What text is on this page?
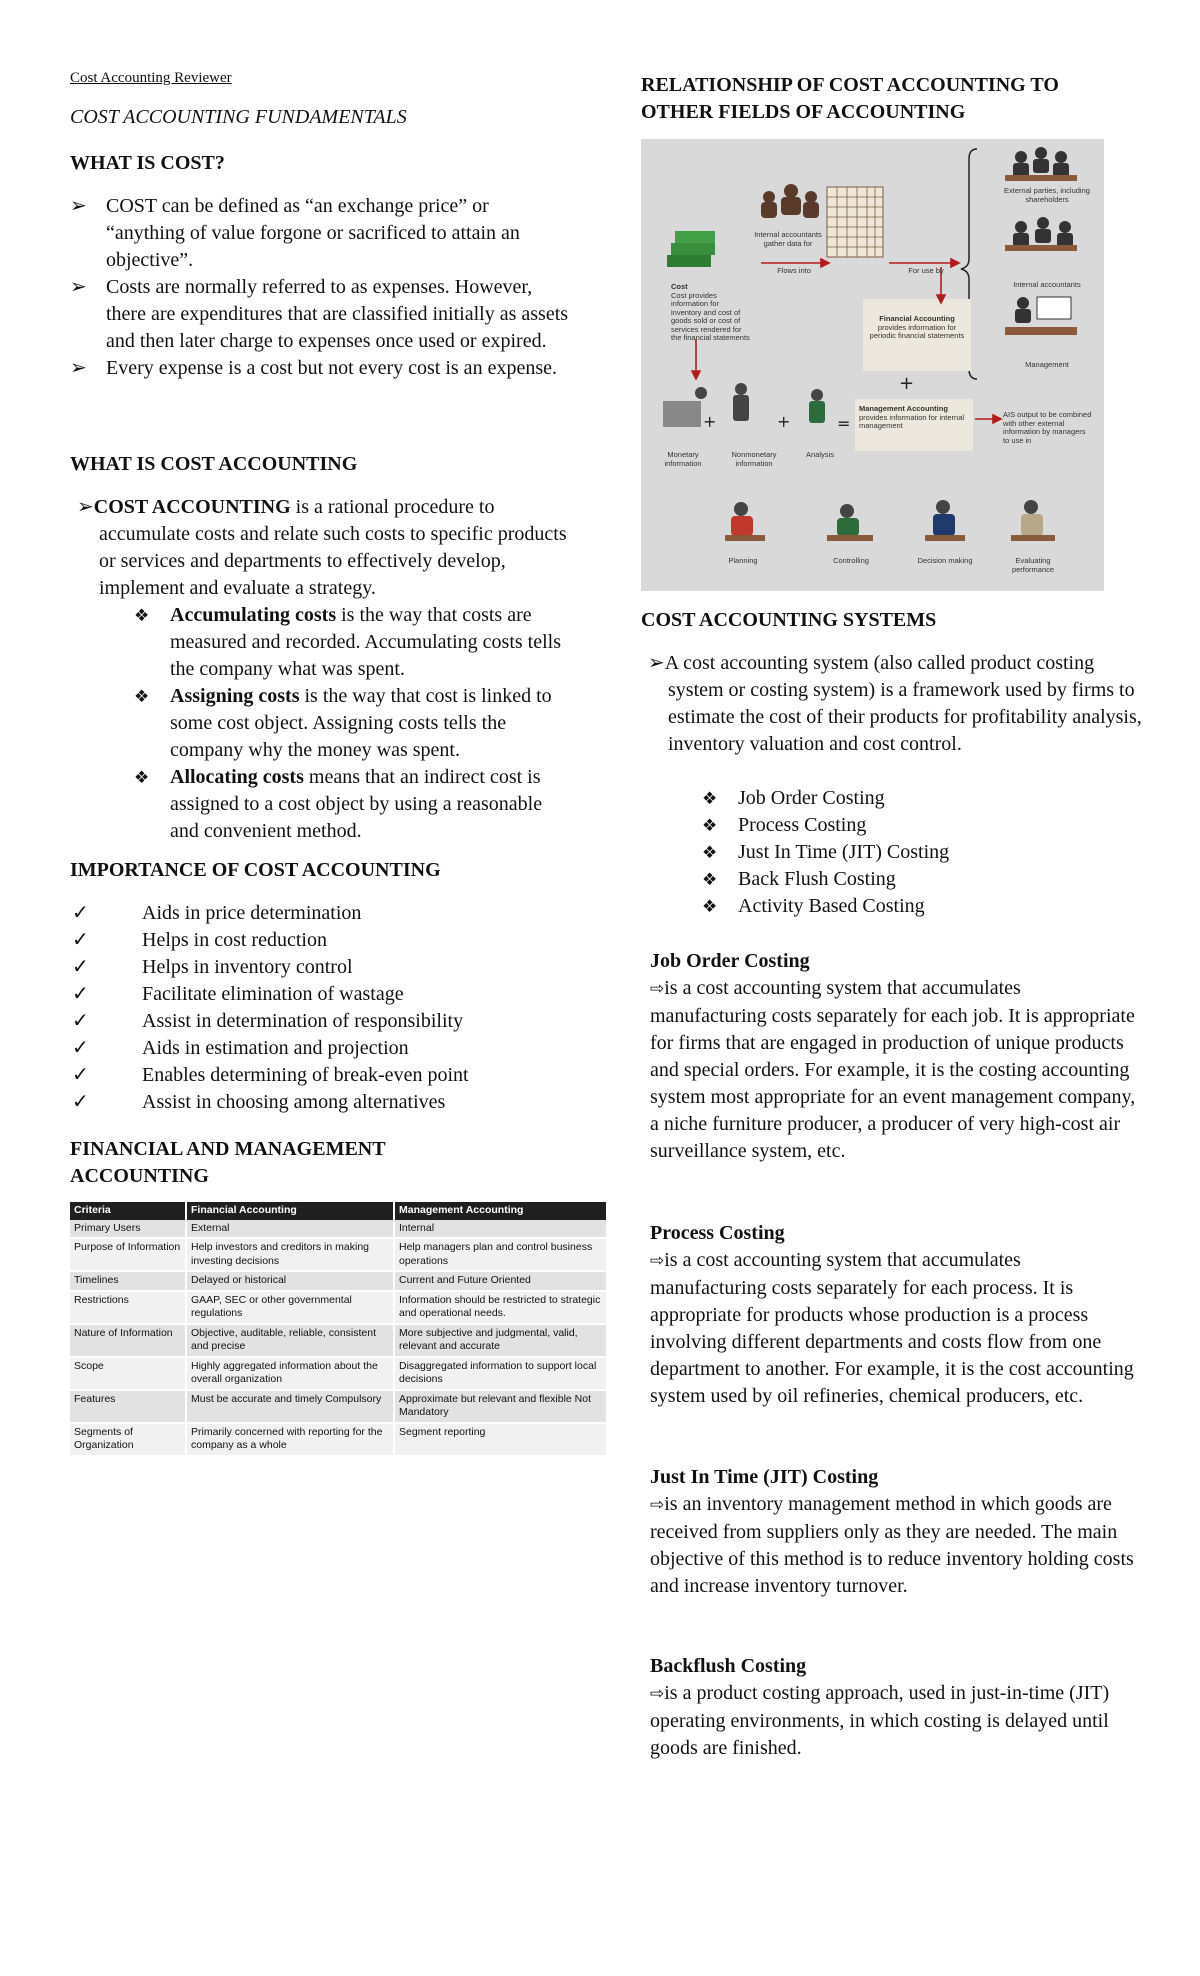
Cost Accounting Reviewer
COST ACCOUNTING FUNDAMENTALS
WHAT IS COST?
➢ COST can be defined as “an exchange price” or “anything of value forgone or sacrificed to attain an objective”.
➢ Costs are normally referred to as expenses. However, there are expenditures that are classified initially as assets and then later charge to expenses once used or expired.
➢ Every expense is a cost but not every cost is an expense.
WHAT IS COST ACCOUNTING
➢COST ACCOUNTING is a rational procedure to accumulate costs and relate such costs to specific products or services and departments to effectively develop, implement and evaluate a strategy.
❖ Accumulating costs is the way that costs are measured and recorded. Accumulating costs tells the company what was spent.
❖ Assigning costs is the way that cost is linked to some cost object. Assigning costs tells the company why the money was spent.
❖ Allocating costs means that an indirect cost is assigned to a cost object by using a reasonable and convenient method.
IMPORTANCE OF COST ACCOUNTING
✓	Aids in price determination
✓	Helps in cost reduction
✓	Helps in inventory control
✓	Facilitate elimination of wastage
✓	Assist in determination of responsibility
✓	Aids in estimation and projection
✓	Enables determining of break-even point
✓	Assist in choosing among alternatives
FINANCIAL AND MANAGEMENT
ACCOUNTING
Criteria	Financial Accounting	Management Accounting
Primary Users	External	Internal
Purpose of Information	Help investors and creditors in making investing decisions	Help managers plan and control business operations
Timelines	Delayed or historical	Current and Future Oriented
Restrictions	GAAP, SEC or other governmental regulations	Information should be restricted to strategic and operational needs.
Nature of Information	Objective, auditable, reliable, consistent and precise	More subjective and judgmental, valid, relevant and accurate
Scope	Highly aggregated information about the overall organization	Disaggregated information to support local decisions
Features	Must be accurate and timely Compulsory	Approximate but relevant and flexible Not Mandatory
Segments of Organization	Primarily concerned with reporting for the company as a whole	Segment reporting
RELATIONSHIP OF COST ACCOUNTING TO
OTHER FIELDS OF ACCOUNTING
+	+	=
+
External parties, including shareholders
Internal accountants
Management
Internal accountants gather data for
Flows into	For use by
Cost
Cost provides information for inventory and cost of goods sold or cost of services rendered for the financial statements
Financial Accounting
provides information for periodic financial statements
Management Accounting
provides information for internal management
AIS output to be combined with other external information by managers to use in
Monetary information
Nonmonetary information
Analysis
Planning	Controlling	Decision making	Evaluating performance
COST ACCOUNTING SYSTEMS
➢A cost accounting system (also called product costing system or costing system) is a framework used by firms to estimate the cost of their products for profitability analysis, inventory valuation and cost control.
❖ Job Order Costing
❖ Process Costing
❖ Just In Time (JIT) Costing
❖ Back Flush Costing
❖ Activity Based Costing
Job Order Costing
⇨is a cost accounting system that accumulates manufacturing costs separately for each job. It is appropriate for firms that are engaged in production of unique products and special orders. For example, it is the costing accounting system most appropriate for an event management company, a niche furniture producer, a producer of very high-cost air surveillance system, etc.
Process Costing
⇨is a cost accounting system that accumulates manufacturing costs separately for each process. It is appropriate for products whose production is a process involving different departments and costs flow from one department to another. For example, it is the cost accounting system used by oil refineries, chemical producers, etc.
Just In Time (JIT) Costing
⇨is an inventory management method in which goods are received from suppliers only as they are needed. The main objective of this method is to reduce inventory holding costs and increase inventory turnover.
Backflush Costing
⇨is a product costing approach, used in just-in-time (JIT) operating environments, in which costing is delayed until goods are finished.
